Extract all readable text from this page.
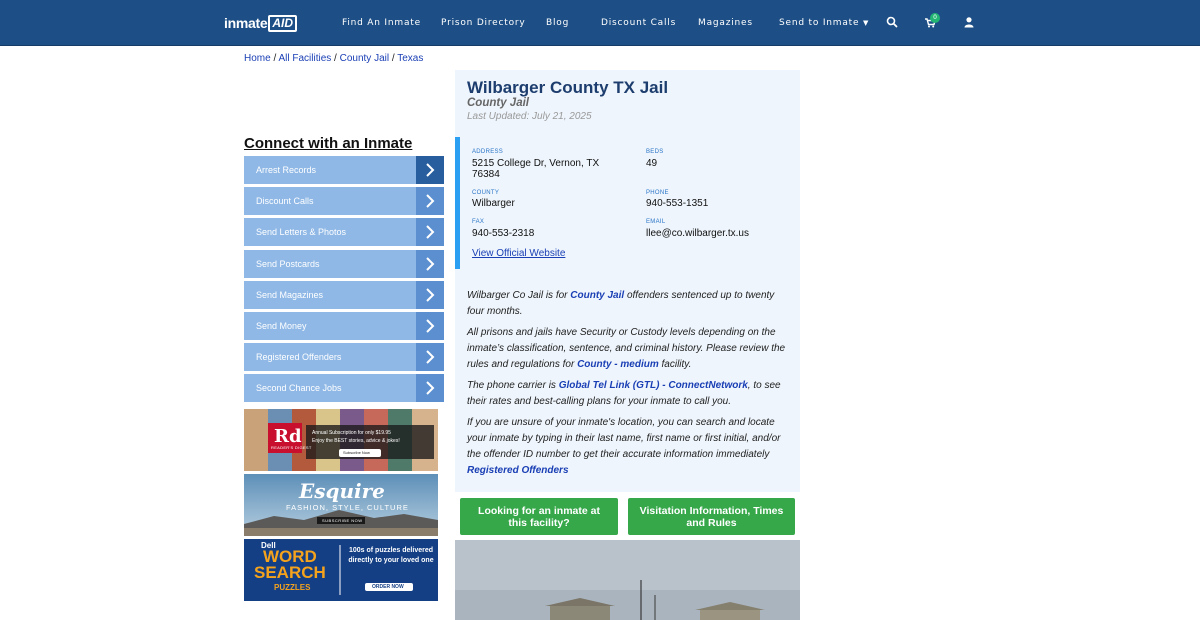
inmate AID	Find An Inmate Prison Directory Blog	Discount Calls Magazines	Send to Inmate ▼
0
Home / All Facilities / County Jail / Texas
Connect with an Inmate
Arrest Records
Discount Calls
Send Letters & Photos
Send Postcards
Send Magazines
Send Money
Registered Offenders
Second Chance Jobs
Rd
READER'S DIGEST
Annual Subscription for only $19.95
Enjoy the BEST stories, advice & jokes!
Subscribe Now
Esquire
FASHION, STYLE, CULTURE
SUBSCRIBE NOW
Dell
WORD
SEARCH
PUZZLES
100s of puzzles delivered directly to your loved one
ORDER NOW
Wilbarger County TX Jail
County Jail
Last Updated: July 21, 2025
ADDRESS
5215 College Dr, Vernon, TX
76384
BEDS
49
COUNTY
Wilbarger
PHONE
940-553-1351
FAX
940-553-2318
EMAIL
llee@co.wilbarger.tx.us
View Official Website

Wilbarger Co Jail is for County Jail offenders sentenced up to twenty four months.

All prisons and jails have Security or Custody levels depending on the inmate’s classification, sentence, and criminal history. Please review the rules and regulations for County - medium facility.

The phone carrier is Global Tel Link (GTL) - ConnectNetwork, to see their rates and best-calling plans for your inmate to call you.

If you are unsure of your inmate's location, you can search and locate your inmate by typing in their last name, first name or first initial, and/or the offender ID number to get their accurate information immediately Registered Offenders

Looking for an inmate at this facility?
Visitation Information, Times and Rules
